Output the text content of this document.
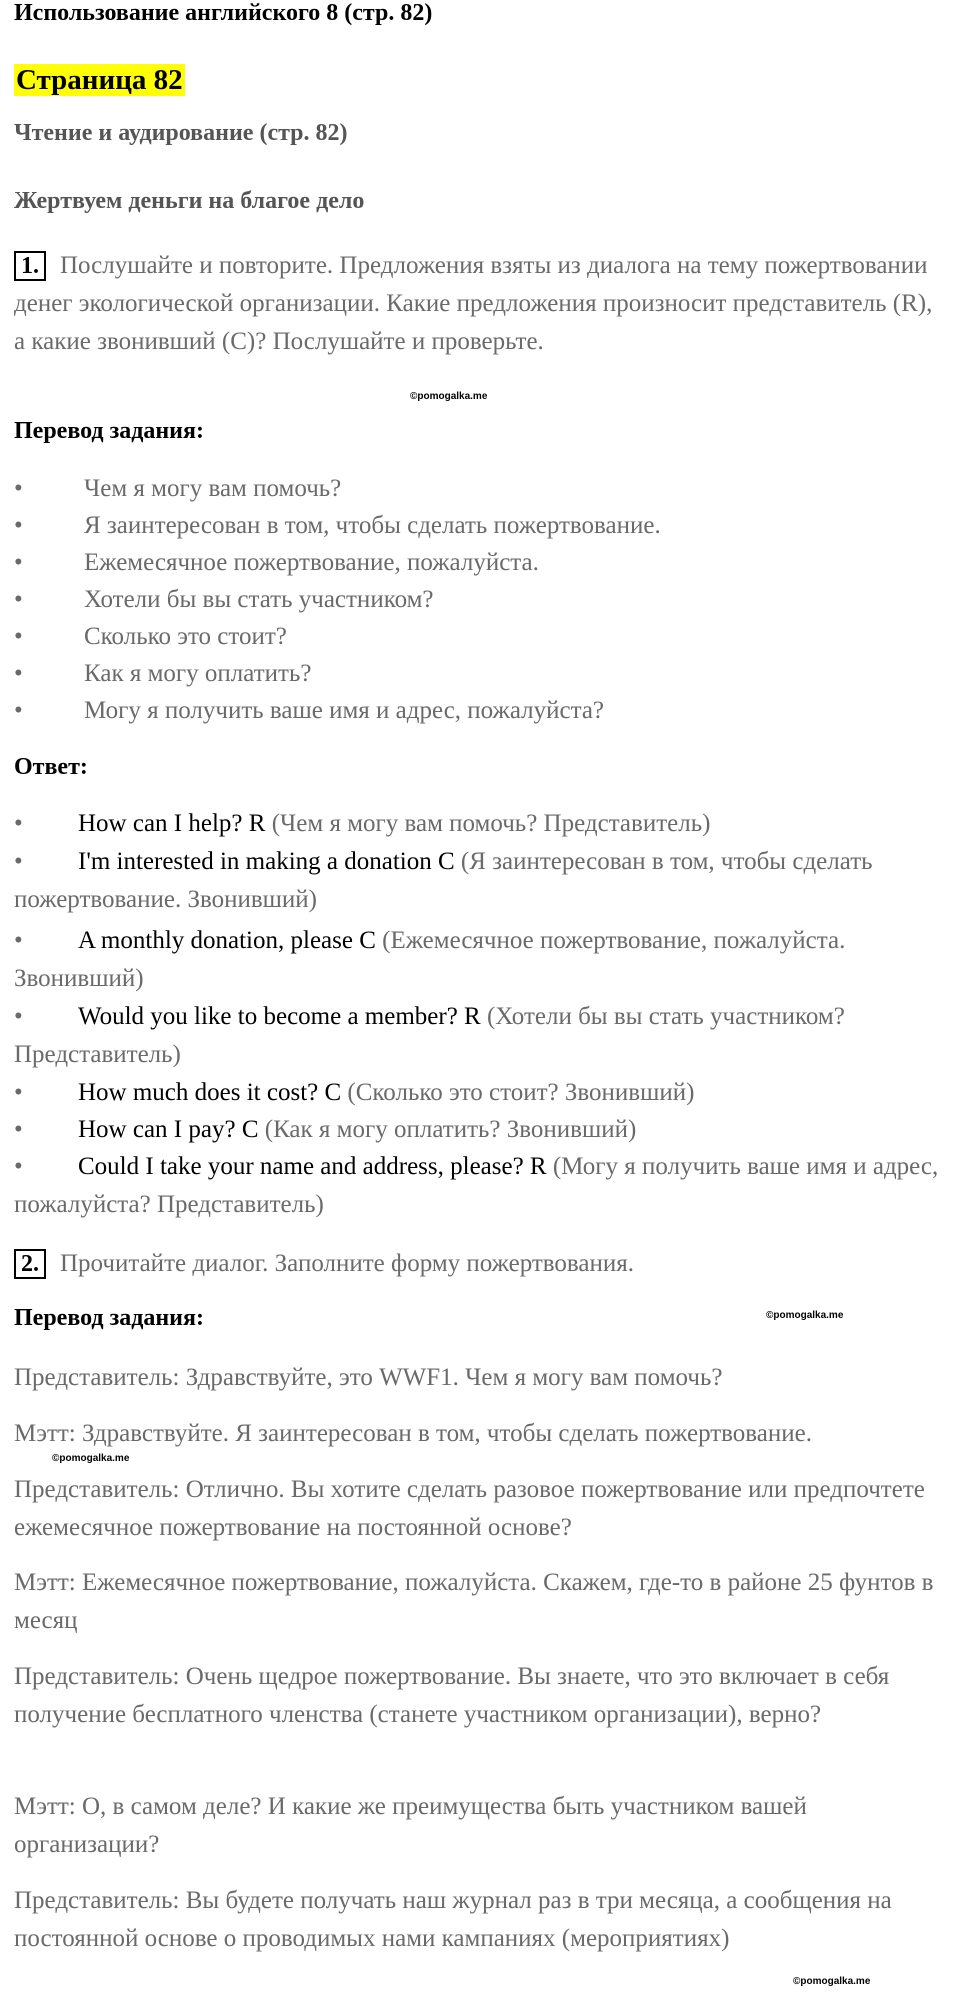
Использование английского 8 (стр. 82)
Страница 82
Чтение и аудирование (стр. 82)
Жертвуем деньги на благое дело
1. Послушайте и повторите. Предложения взяты из диалога на тему пожертвовании денег экологической организации. Какие предложения произносит представитель (R), а какие звонивший (C)? Послушайте и проверьте.
©pomogalka.me
Перевод задания:
• Чем я могу вам помочь?
• Я заинтересован в том, чтобы сделать пожертвование.
• Ежемесячное пожертвование, пожалуйста.
• Хотели бы вы стать участником?
• Сколько это стоит?
• Как я могу оплатить?
• Могу я получить ваше имя и адрес, пожалуйста?
Ответ:
• How can I help? R (Чем я могу вам помочь? Представитель)
• I'm interested in making a donation C (Я заинтересован в том, чтобы сделать пожертвование. Звонивший)
• A monthly donation, please C (Ежемесячное пожертвование, пожалуйста. Звонивший)
• Would you like to become a member? R (Хотели бы вы стать участником? Представитель)
• How much does it cost? C (Сколько это стоит? Звонивший)
• How can I pay? C (Как я могу оплатить? Звонивший)
• Could I take your name and address, please? R (Могу я получить ваше имя и адрес, пожалуйста? Представитель)
2. Прочитайте диалог. Заполните форму пожертвования.
Перевод задания:	©pomogalka.me
Представитель: Здравствуйте, это WWF1. Чем я могу вам помочь?
Мэтт: Здравствуйте. Я заинтересован в том, чтобы сделать пожертвование.
©pomogalka.me
Представитель: Отлично. Вы хотите сделать разовое пожертвование или предпочтете ежемесячное пожертвование на постоянной основе?
Мэтт: Ежемесячное пожертвование, пожалуйста. Скажем, где-то в районе 25 фунтов в месяц
Представитель: Очень щедрое пожертвование. Вы знаете, что это включает в себя получение бесплатного членства (станете участником организации), верно?
Мэтт: О, в самом деле? И какие же преимущества быть участником вашей организации?
Представитель: Вы будете получать наш журнал раз в три месяца, а сообщения на постоянной основе о проводимых нами кампаниях (мероприятиях)
©pomogalka.me
